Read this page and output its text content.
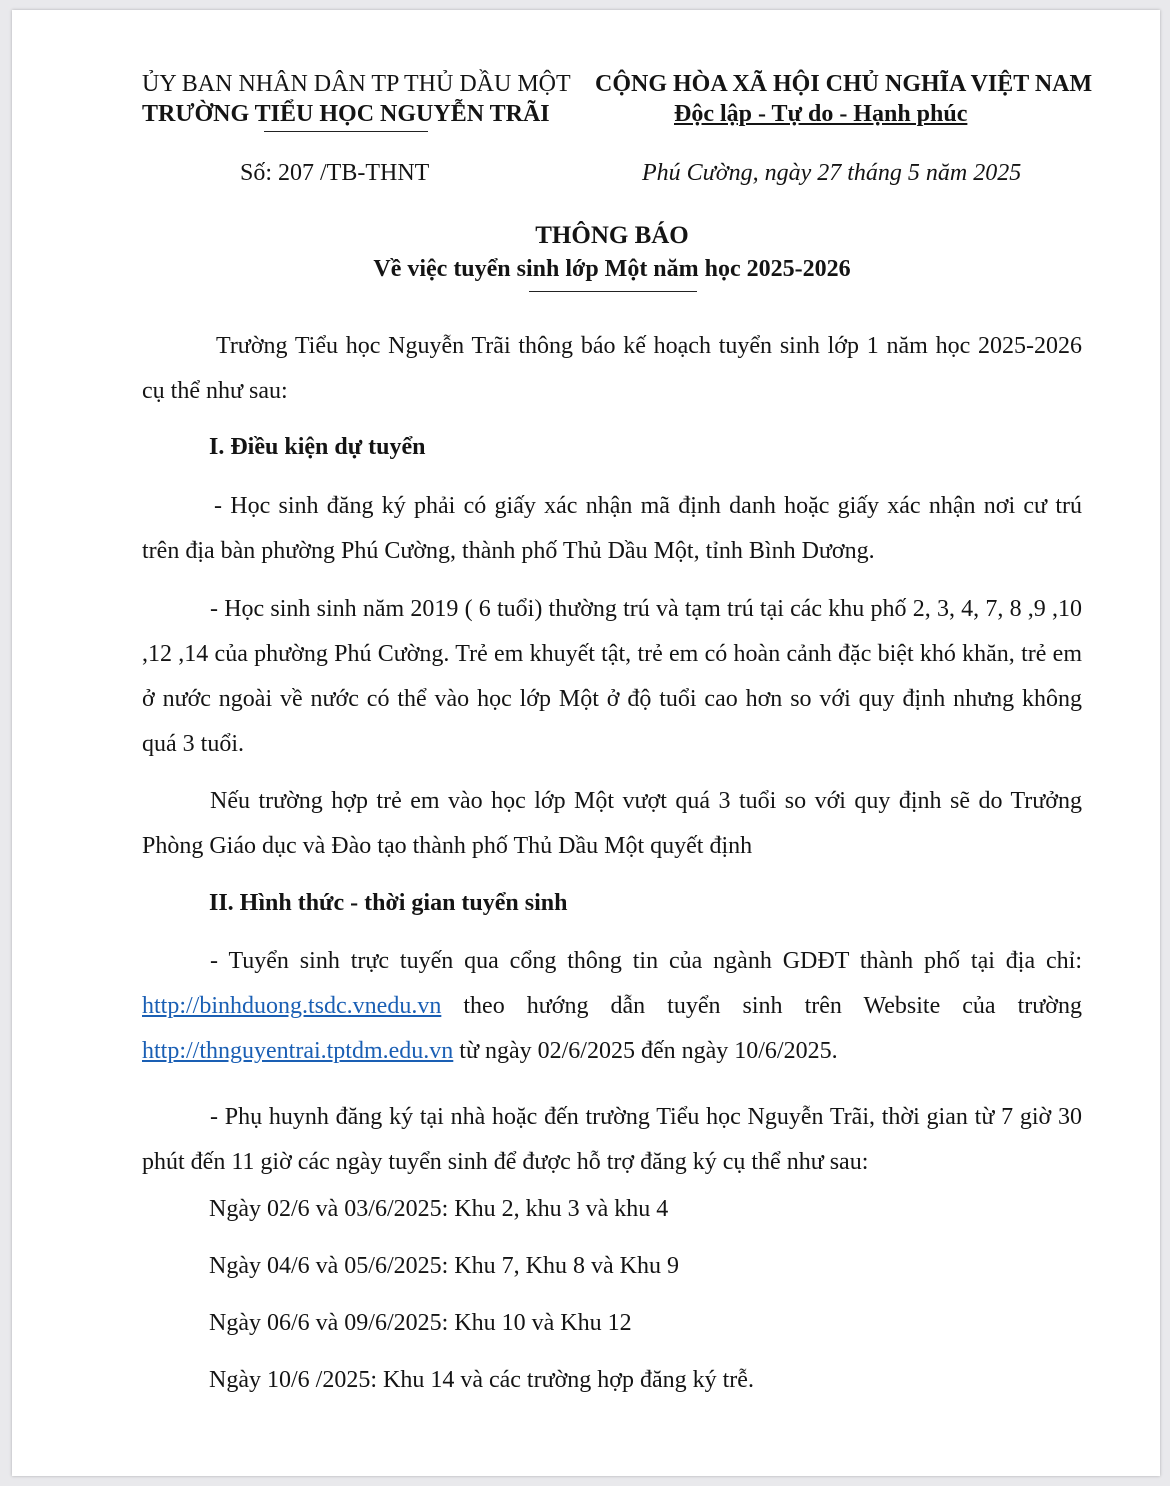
ỦY BAN NHÂN DÂN TP THỦ DẦU MỘT
TRƯỜNG TIỂU HỌC NGUYỄN TRÃI
CỘNG HÒA XÃ HỘI CHỦ NGHĨA VIỆT NAM
Độc lập - Tự do - Hạnh phúc
Số: 207 /TB-THNT	Phú Cường, ngày 27 tháng 5 năm 2025
THÔNG BÁO
Về việc tuyển sinh lớp Một năm học 2025-2026
Trường Tiểu học Nguyễn Trãi thông báo kế hoạch tuyển sinh lớp 1 năm học 2025-2026 cụ thể như sau:
I. Điều kiện dự tuyển
- Học sinh đăng ký phải có giấy xác nhận mã định danh hoặc giấy xác nhận nơi cư trú trên địa bàn phường Phú Cường, thành phố Thủ Dầu Một, tỉnh Bình Dương.
- Học sinh sinh năm 2019 ( 6 tuổi) thường trú và tạm trú tại các khu phố 2, 3, 4, 7, 8 ,9 ,10 ,12 ,14 của phường Phú Cường. Trẻ em khuyết tật, trẻ em có hoàn cảnh đặc biệt khó khăn, trẻ em ở nước ngoài về nước có thể vào học lớp Một ở độ tuổi cao hơn so với quy định nhưng không quá 3 tuổi.
Nếu trường hợp trẻ em vào học lớp Một vượt quá 3 tuổi so với quy định sẽ do Trưởng Phòng Giáo dục và Đào tạo thành phố Thủ Dầu Một quyết định
II. Hình thức - thời gian tuyển sinh
- Tuyển sinh trực tuyến qua cổng thông tin của ngành GDĐT thành phố tại địa chỉ: http://binhduong.tsdc.vnedu.vn theo hướng dẫn tuyển sinh trên Website của trường http://thnguyentrai.tptdm.edu.vn từ ngày 02/6/2025 đến ngày 10/6/2025.
- Phụ huynh đăng ký tại nhà hoặc đến trường Tiểu học Nguyễn Trãi, thời gian từ 7 giờ 30 phút đến 11 giờ các ngày tuyển sinh để được hỗ trợ đăng ký cụ thể như sau:
Ngày 02/6 và 03/6/2025: Khu 2, khu 3 và khu 4
Ngày 04/6 và 05/6/2025: Khu 7, Khu 8 và Khu 9
Ngày 06/6 và 09/6/2025: Khu 10 và Khu 12
Ngày 10/6 /2025: Khu 14 và các trường hợp đăng ký trễ.
